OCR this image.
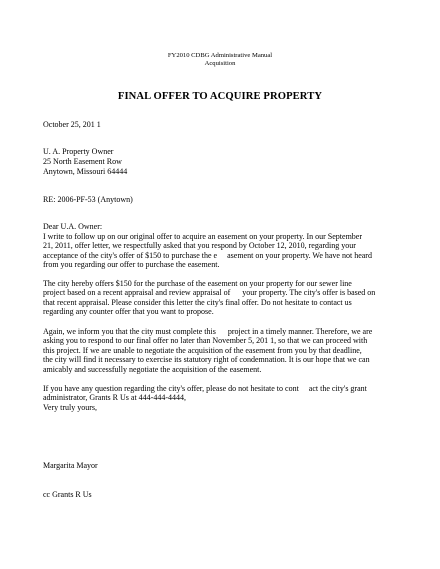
FY2010 CDBG Administrative Manual
Acquisition
FINAL OFFER TO ACQUIRE PROPERTY
October 25, 201 1
U. A. Property Owner
25 North Easement Row
Anytown, Missouri 64444
RE: 2006-PF-53 (Anytown)
Dear U.A. Owner:
I write to follow up on our original offer to acquire an easement on your property. In our September
21, 2011, offer letter, we respectfully asked that you respond by October 12, 2010, regarding your
acceptance of the city's offer of $150 to purchase the e     asement on your property. We have not heard
from you regarding our offer to purchase the easement.
The city hereby offers $150 for the purchase of the easement on your property for our sewer line
project based on a recent appraisal and review appraisal of      your property. The city's offer is based on
that recent appraisal. Please consider this letter the city's final offer. Do not hesitate to contact us
regarding any counter offer that you want to propose.
Again, we inform you that the city must complete this      project in a timely manner. Therefore, we are
asking you to respond to our final offer no later than November 5, 201 1, so that we can proceed with
this project. If we are unable to negotiate the acquisition of the easement from you by that deadline,
the city will find it necessary to exercise its statutory right of condemnation. It is our hope that we can
amicably and successfully negotiate the acquisition of the easement.
If you have any question regarding the city's offer, please do not hesitate to cont     act the city's grant
administrator, Grants R Us at 444-444-4444,
Very truly yours,
Margarita Mayor
cc Grants R Us
